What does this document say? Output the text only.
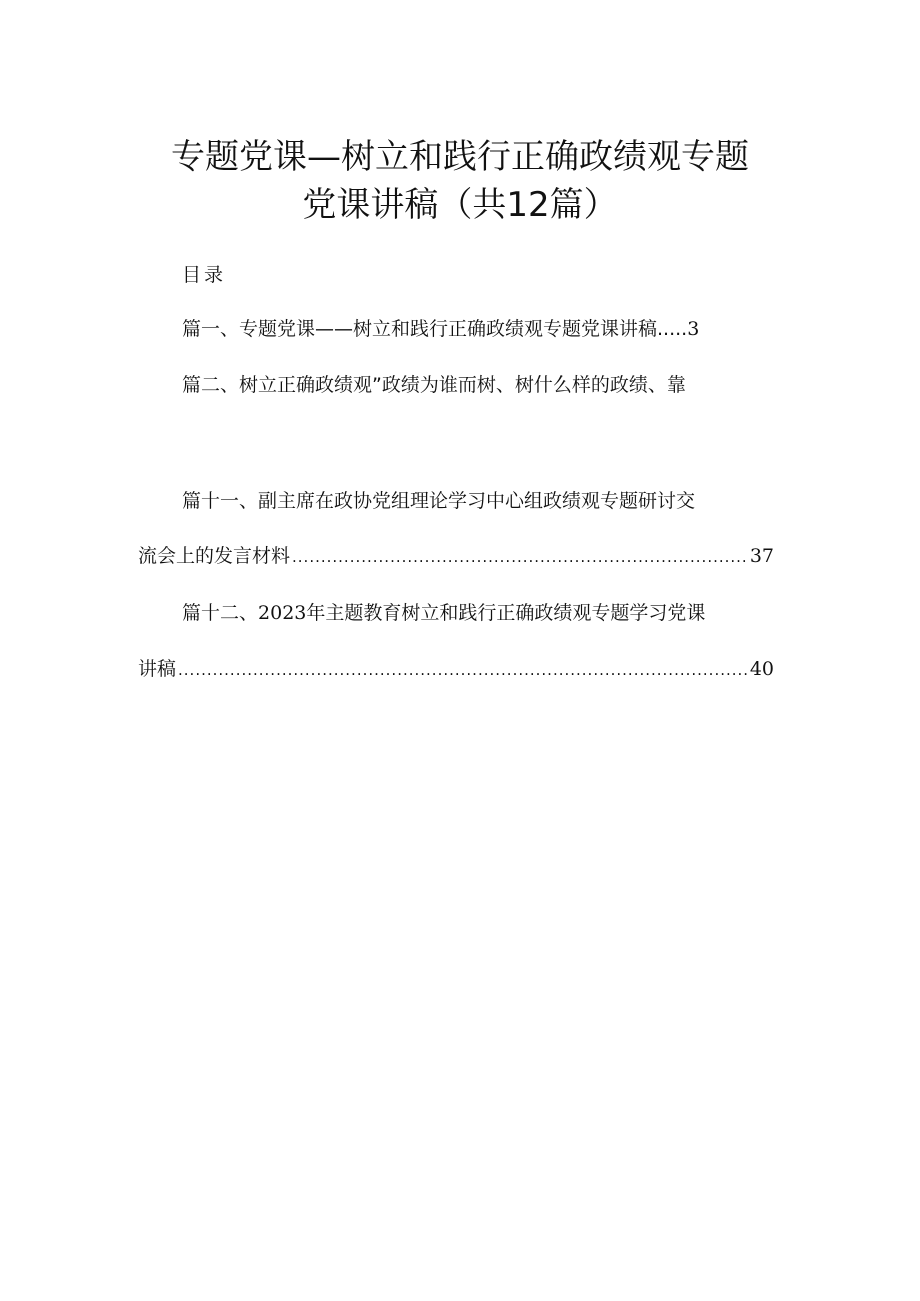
专题党课—树立和践行正确政绩观专题
党课讲稿（共12篇）
目录
篇一、专题党课——树立和践行正确政绩观专题党课讲稿.....3
篇二、树立正确政绩观”政绩为谁而树、树什么样的政绩、靠
篇十一、副主席在政协党组理论学习中心组政绩观专题研讨交
流会上的发言材料 .....	37
篇十二、2023年主题教育树立和践行正确政绩观专题学习党课
讲稿 .....	40
